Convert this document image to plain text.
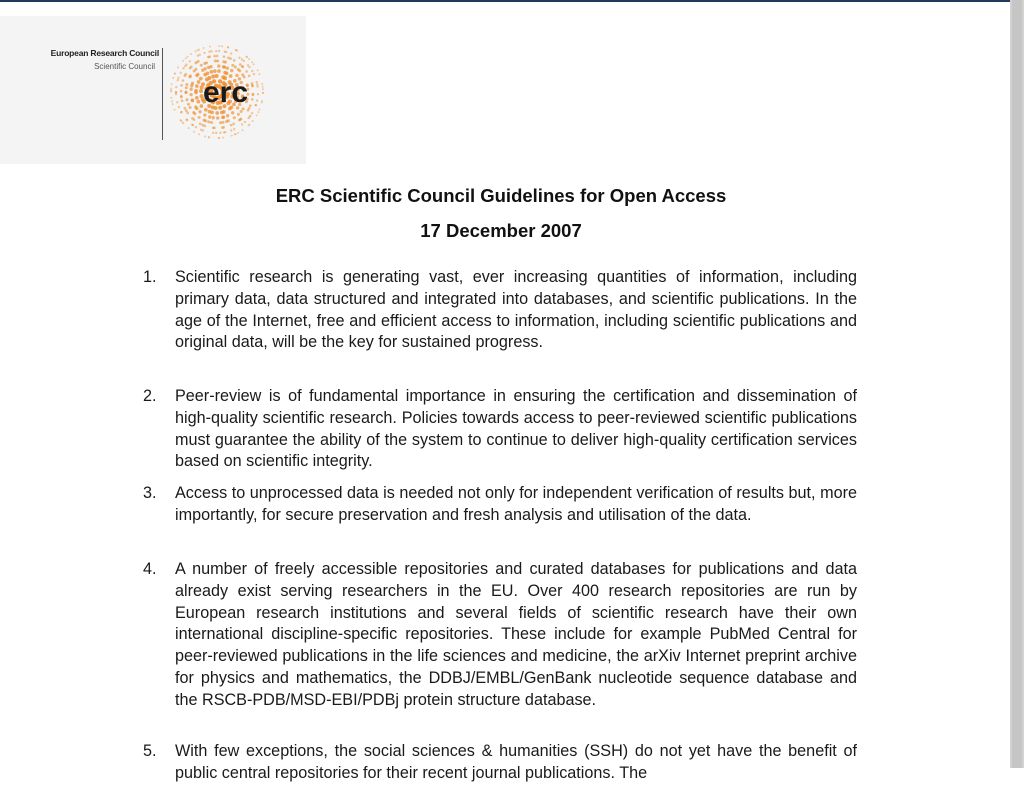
European Research Council
Scientific Council
erc
ERC Scientific Council Guidelines for Open Access
17 December 2007
1.	Scientific research is generating vast, ever increasing quantities of information, including primary data, data structured and integrated into databases, and scientific publications. In the age of the Internet, free and efficient access to information, including scientific publications and original data, will be the key for sustained progress.
2.	Peer-review is of fundamental importance in ensuring the certification and dissemination of high-quality scientific research. Policies towards access to peer-reviewed scientific publications must guarantee the ability of the system to continue to deliver high-quality certification services based on scientific integrity.
3.	Access to unprocessed data is needed not only for independent verification of results but, more importantly, for secure preservation and fresh analysis and utilisation of the data.
4.	A number of freely accessible repositories and curated databases for publications and data already exist serving researchers in the EU. Over 400 research repositories are run by European research institutions and several fields of scientific research have their own international discipline-specific repositories. These include for example PubMed Central for peer-reviewed publications in the life sciences and medicine, the arXiv Internet preprint archive for physics and mathematics, the DDBJ/EMBL/GenBank nucleotide sequence database and the RSCB-PDB/MSD-EBI/PDBj protein structure database.
5.	With few exceptions, the social sciences & humanities (SSH) do not yet have the benefit of public central repositories for their recent journal publications. The
